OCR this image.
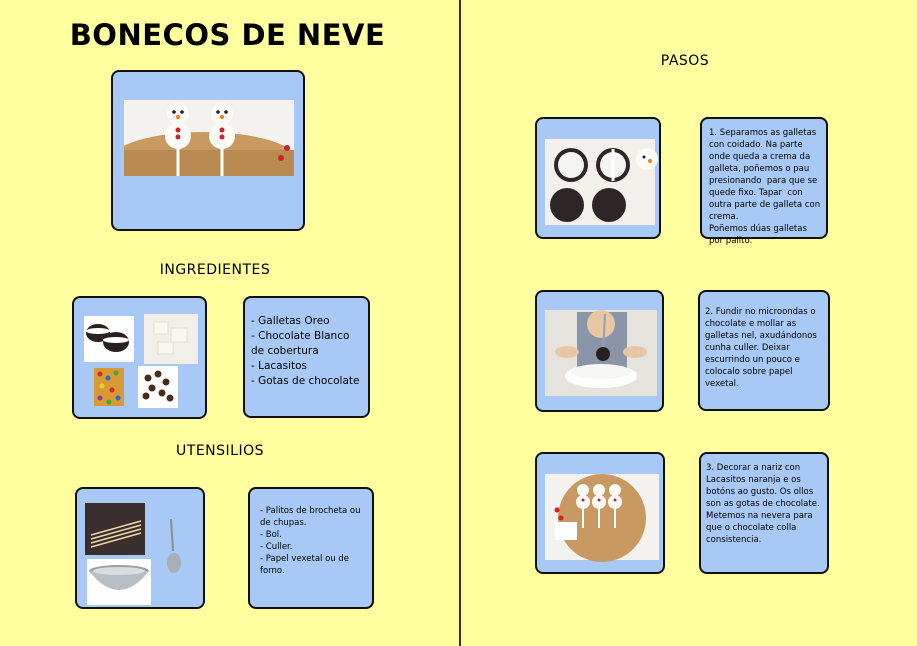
BONECOS DE NEVE
INGREDIENTES
- Galletas Oreo
- Chocolate Blanco de cobertura
- Lacasitos
- Gotas de chocolate
UTENSILIOS
- Palitos de brocheta ou de chupas.
- Bol.
- Culler.
- Papel vexetal ou de forno.
PASOS
1. Separamos as galletas con coidado. Na parte onde queda a crema da galleta, poñemos o pau presionando  para que se quede fixo. Tapar  con outra parte de galleta con crema.
Poñemos dúas galletas por palito.
2. Fundir no microondas o chocolate e mollar as galletas nel, axudándonos cunha culler. Deixar escurrindo un pouco e colocalo sobre papel vexetal.
3. Decorar a nariz con Lacasitos naranja e os botóns ao gusto. Os ollos son as gotas de chocolate.
Metemos na nevera para que o chocolate colla consistencia.
